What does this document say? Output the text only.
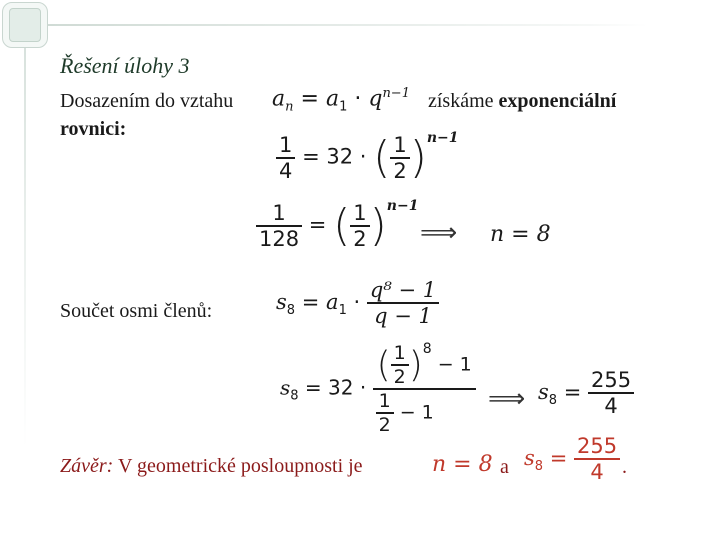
Řešení úlohy 3
Dosazením do vztahu $a_n = a_1 \cdot q^{n-1}$ získáme exponenciální
rovnici:
$\frac{1}{4} = 32$ · ( $\frac{1}{2} )^{n-1}$
$\frac{1}{128}$ = ( $\frac{1}{2} )^{n-1}$
⟹ n = 8
Součet osmi členů:	$s_8 = a_1 \cdot \frac{\text{q⁸ − 1}}{q - 1}$
$s_8 = 32 \cdot \frac{( \frac{1}{2} )^8 - 1}{\frac{1}{2} - 1}$ ⟹ $s_8 = \frac{255}{4}$
Závěr: V geometrické posloupnosti je	n = 8 a $s_8 = \frac{255}{4}$ .
